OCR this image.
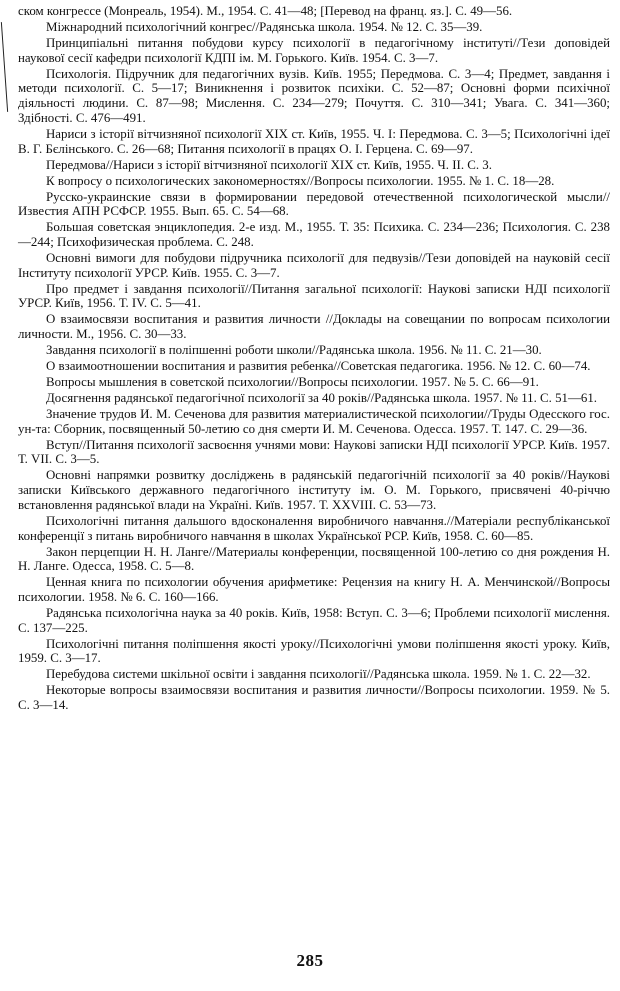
ском конгрессе (Монреаль, 1954). М., 1954. С. 41—48; [Перевод на франц. яз.]. С. 49—56.

Міжнародний психологічний конгрес//Радянська школа. 1954. № 12. С. 35—39.

Принципіальні питання побудови курсу психології в педагогічному інституті//Тези доповідей наукової сесії кафедри психології КДПІ ім. М. Горького. Київ. 1954. С. 3—7.

Психологія. Підручник для педагогічних вузів. Київ. 1955; Передмова. С. 3—4; Предмет, завдання і методи психології. С. 5—17; Виникнення і розвиток психіки. С. 52—87; Основні форми психічної діяльності людини. С. 87—98; Мислення. С. 234—279; Почуття. С. 310—341; Увага. С. 341—360; Здібності. С. 476—491.

Нариси з історії вітчизняної психології XIX ст. Київ, 1955. Ч. І: Передмова. С. 3—5; Психологічні ідеї В. Г. Бєлінського. С. 26—68; Питання психології в працях О. І. Герцена. С. 69—97.

Передмова//Нариси з історії вітчизняної психології XIX ст. Київ, 1955. Ч. II. С. 3.

К вопросу о психологических закономерностях//Вопросы психологии. 1955. № 1. С. 18—28.

Русско-украинские связи в формировании передовой отечественной психологической мысли//Известия АПН РСФСР. 1955. Вып. 65. С. 54—68.

Большая советская энциклопедия. 2-е изд. М., 1955. Т. 35: Психика. С. 234—236; Психология. С. 238—244; Психофизическая проблема. С. 248.

Основні вимоги для побудови підручника психології для педвузів//Тези доповідей на науковій сесії Інституту психології УРСР. Київ. 1955. С. 3—7.

Про предмет і завдання психології//Питання загальної психології: Наукові записки НДІ психології УРСР. Київ, 1956. Т. IV. С. 5—41.

О взаимосвязи воспитания и развития личности //Доклады на совещании по вопросам психологии личности. М., 1956. С. 30—33.

Завдання психології в поліпшенні роботи школи//Радянська школа. 1956. № 11. С. 21—30.

О взаимоотношении воспитания и развития ребенка//Советская педагогика. 1956. № 12. С. 60—74.

Вопросы мышления в советской психологии//Вопросы психологии. 1957. № 5. С. 66—91.

Досягнення радянської педагогічної психології за 40 років//Радянська школа. 1957. № 11. С. 51—61.

Значение трудов И. М. Сеченова для развития материалистической психологии//Труды Одесского гос. ун-та: Сборник, посвященный 50-летию со дня смерти И. М. Сеченова. Одесса. 1957. Т. 147. С. 29—36.

Вступ//Питання психології засвоєння учнями мови: Наукові записки НДІ психології УРСР. Київ. 1957. Т. VII. С. 3—5.

Основні напрямки розвитку досліджень в радянській педагогічній психології за 40 років//Наукові записки Київського державного педагогічного інституту ім. О. М. Горького, присвячені 40-річчю встановлення радянської влади на Україні. Київ. 1957. Т. XXVIII. С. 53—73.

Психологічні питання дальшого вдосконалення виробничого навчання.//Матеріали республіканської конференції з питань виробничого навчання в школах Української РСР. Київ, 1958. С. 60—85.

Закон перцепции Н. Н. Ланге//Материалы конференции, посвященной 100-летию со дня рождения Н. Н. Ланге. Одесса, 1958. С. 5—8.

Ценная книга по психологии обучения арифметике: Рецензия на книгу Н. А. Менчинской//Вопросы психологии. 1958. № 6. С. 160—166.

Радянська психологічна наука за 40 років. Київ, 1958: Вступ. С. 3—6; Проблеми психології мислення. С. 137—225.

Психологічні питання поліпшення якості уроку//Психологічні умови поліпшення якості уроку. Київ, 1959. С. 3—17.

Перебудова системи шкільної освіти і завдання психології//Радянська школа. 1959. № 1. С. 22—32.

Некоторые вопросы взаимосвязи воспитания и развития личности//Вопросы психологии. 1959. № 5. С. 3—14.

285
